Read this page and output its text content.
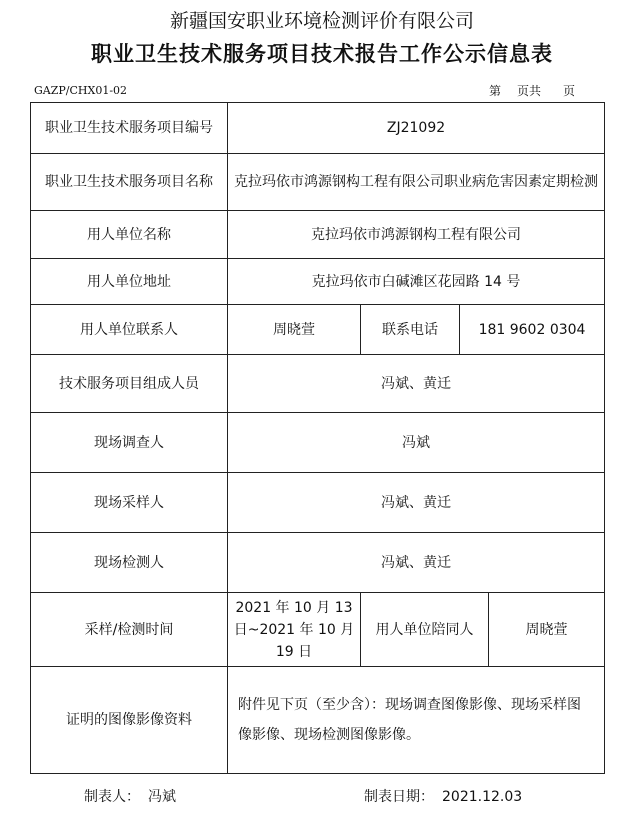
新疆国安职业环境检测评价有限公司
职业卫生技术服务项目技术报告工作公示信息表
GAZP/CHX01-02	第 页共 页
职业卫生技术服务项目编号	ZJ21092			
职业卫生技术服务项目名称	克拉玛依市鸿源钢构工程有限公司职业病危害因素定期检测			
用人单位名称	克拉玛依市鸿源钢构工程有限公司			
用人单位地址	克拉玛依市白碱滩区花园路 14 号			
用人单位联系人	周晓萱	联系电话	181 9602 0304	
技术服务项目组成人员	冯斌、黄迁			
现场调查人	冯斌			
现场采样人	冯斌、黄迁			
现场检测人	冯斌、黄迁			
采样/检测时间	2021 年 10 月 13 日~2021 年 10 月 19 日	用人单位陪同人		周晓萱
证明的图像影像资料	附件见下页（至少含）：现场调查图像影像、现场采样图像影像、现场检测图像影像。			
制表人： 冯斌	制表日期： 2021.12.03
